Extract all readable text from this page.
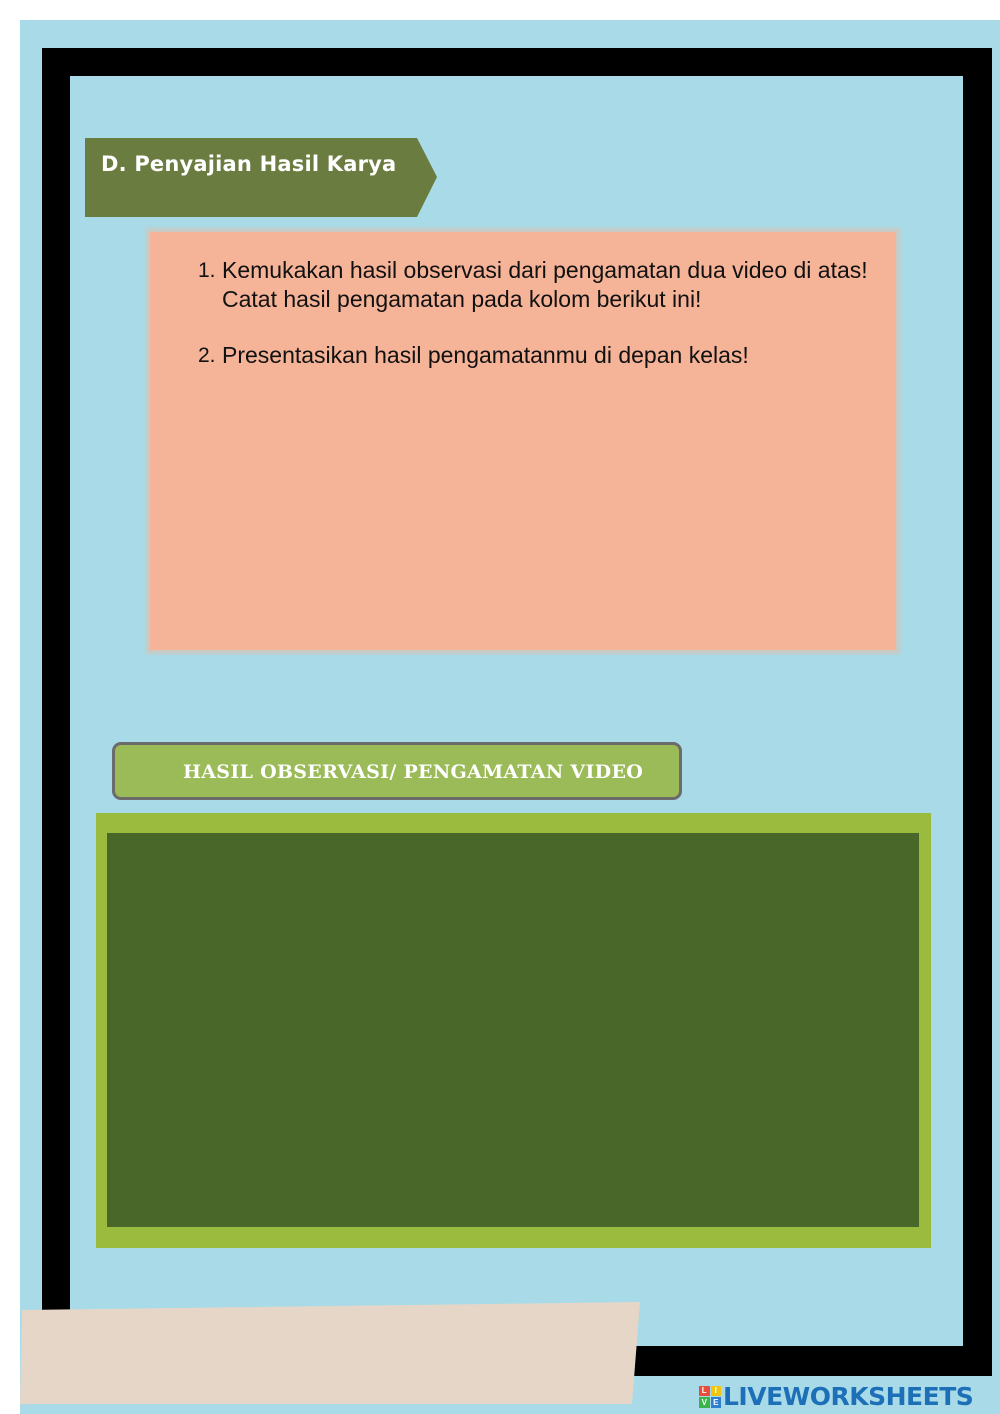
D. Penyajian Hasil Karya
1. Kemukakan hasil observasi dari pengamatan dua video di atas!
Catat hasil pengamatan pada kolom berikut ini!
2. Presentasikan hasil pengamatanmu di depan kelas!
HASIL OBSERVASI/ PENGAMATAN VIDEO
L I
V E LIVEWORKSHEETS
